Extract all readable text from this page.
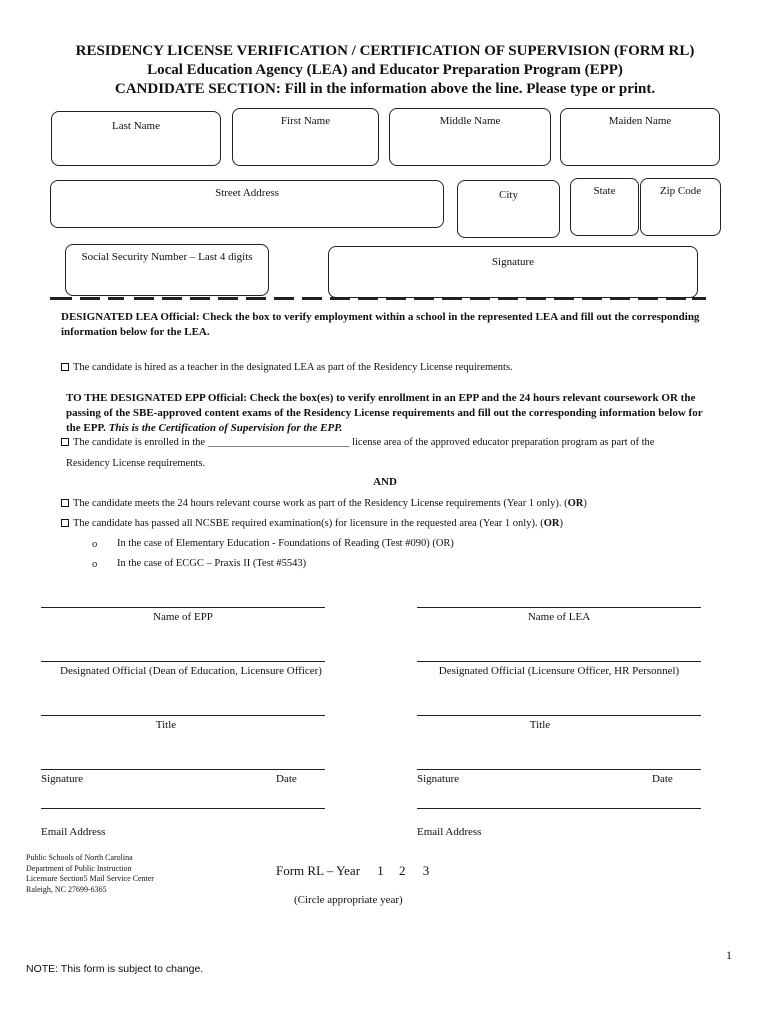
RESIDENCY LICENSE VERIFICATION / CERTIFICATION OF SUPERVISION (FORM RL)
Local Education Agency (LEA) and Educator Preparation Program (EPP)
CANDIDATE SECTION: Fill in the information above the line. Please type or print.
Last Name	First Name	Middle Name	Maiden Name
Street Address	City	State	Zip Code
Social Security Number – Last 4 digits	Signature
DESIGNATED LEA Official: Check the box to verify employment within a school in the represented LEA and fill out the corresponding information below for the LEA.
The candidate is hired as a teacher in the designated LEA as part of the Residency License requirements.
TO THE DESIGNATED EPP Official: Check the box(es) to verify enrollment in an EPP and the 24 hours relevant coursework OR the passing of the SBE-approved content exams of the Residency License requirements and fill out the corresponding information below for the EPP. This is the Certification of Supervision for the EPP.
The candidate is enrolled in the ___________________________ license area of the approved educator preparation program as part of the
Residency License requirements.
AND
The candidate meets the 24 hours relevant course work as part of the Residency License requirements (Year 1 only). (OR)
The candidate has passed all NCSBE required examination(s) for licensure in the requested area (Year 1 only). (OR)
o In the case of Elementary Education - Foundations of Reading (Test #090) (OR)
o In the case of ECGC – Praxis II (Test #5543)
Name of EPP
Designated Official (Dean of Education, Licensure Officer)
Title
Signature	Date
Email Address
Name of LEA
Designated Official (Licensure Officer, HR Personnel)
Title
Signature	Date
Email Address
Public Schools of North Carolina
Department of Public Instruction
Licensure Section5 Mail Service Center
Raleigh, NC 27699-6365
Form RL – Year 1 2 3
(Circle appropriate year)
1
NOTE: This form is subject to change.
